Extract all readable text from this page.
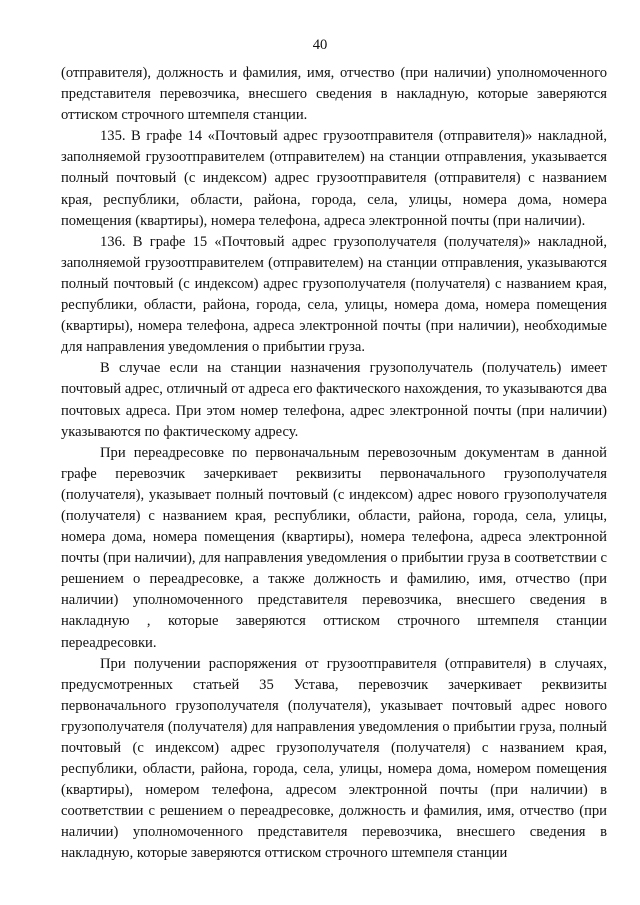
40

(отправителя), должность и фамилия, имя, отчество (при наличии) уполномоченного представителя перевозчика, внесшего сведения в накладную, которые заверяются оттиском строчного штемпеля станции.

135. В графе 14 «Почтовый адрес грузоотправителя (отправителя)» накладной, заполняемой грузоотправителем (отправителем) на станции отправления, указывается полный почтовый (с индексом) адрес грузоотправителя (отправителя) с названием края, республики, области, района, города, села, улицы, номера дома, номера помещения (квартиры), номера телефона, адреса электронной почты (при наличии).

136. В графе 15 «Почтовый адрес грузополучателя (получателя)» накладной, заполняемой грузоотправителем (отправителем) на станции отправления, указываются полный почтовый (с индексом) адрес грузополучателя (получателя) с названием края, республики, области, района, города, села, улицы, номера дома, номера помещения (квартиры), номера телефона, адреса электронной почты (при наличии), необходимые для направления уведомления о прибытии груза.

В случае если на станции назначения грузополучатель (получатель) имеет почтовый адрес, отличный от адреса его фактического нахождения, то указываются два почтовых адреса. При этом номер телефона, адрес электронной почты (при наличии) указываются по фактическому адресу.

При переадресовке по первоначальным перевозочным документам в данной графе перевозчик зачеркивает реквизиты первоначального грузополучателя (получателя), указывает полный почтовый (с индексом) адрес нового грузополучателя (получателя) с названием края, республики, области, района, города, села, улицы, номера дома, номера помещения (квартиры), номера телефона, адреса электронной почты (при наличии), для направления уведомления о прибытии груза в соответствии с решением о переадресовке, а также должность и фамилию, имя, отчество (при наличии) уполномоченного представителя перевозчика, внесшего сведения в накладную , которые заверяются оттиском строчного штемпеля станции переадресовки.

При получении распоряжения от грузоотправителя (отправителя) в случаях, предусмотренных статьей 35 Устава, перевозчик зачеркивает реквизиты первоначального грузополучателя (получателя), указывает почтовый адрес нового грузополучателя (получателя) для направления уведомления о прибытии груза, полный почтовый (с индексом) адрес грузополучателя (получателя) с названием края, республики, области, района, города, села, улицы, номера дома, номером помещения (квартиры), номером телефона, адресом электронной почты (при наличии) в соответствии с решением о переадресовке, должность и фамилия, имя, отчество (при наличии) уполномоченного представителя перевозчика, внесшего сведения в накладную, которые заверяются оттиском строчного штемпеля станции
